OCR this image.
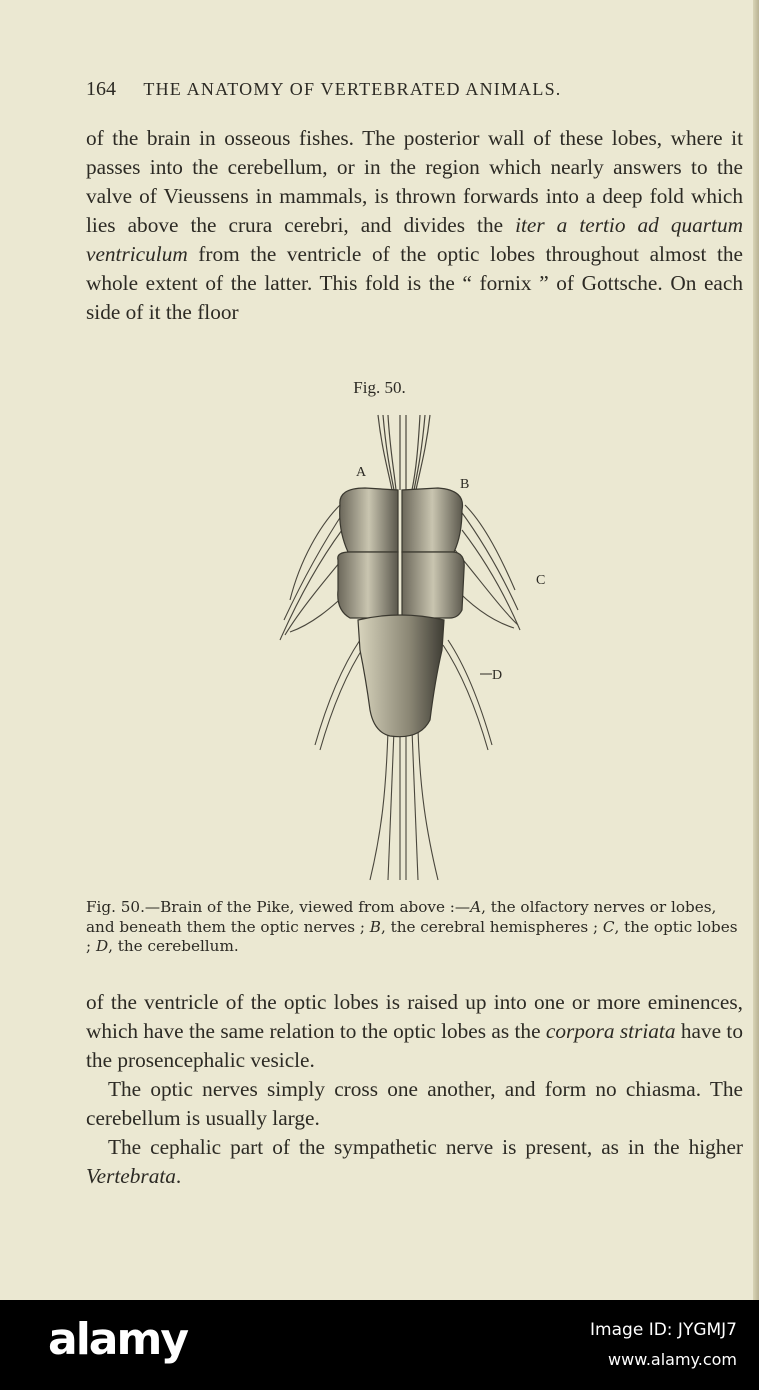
164 THE ANATOMY OF VERTEBRATED ANIMALS.

of the brain in osseous fishes. The posterior wall of these lobes, where it passes into the cerebellum, or in the region which nearly answers to the valve of Vieussens in mammals, is thrown forwards into a deep fold which lies above the crura cerebri, and divides the iter a tertio ad quartum ventriculum from the ventricle of the optic lobes throughout almost the whole extent of the latter. This fold is the “ fornix ” of Gottsche. On each side of it the floor

Fig. 50.
A
B
C
D
Fig. 50.—Brain of the Pike, viewed from above :—A, the olfactory nerves or lobes, and beneath them the optic nerves ; B, the cerebral hemispheres ; C, the optic lobes ; D, the cerebellum.

of the ventricle of the optic lobes is raised up into one or more eminences, which have the same relation to the optic lobes as the corpora striata have to the prosencephalic vesicle.

The optic nerves simply cross one another, and form no chiasma. The cerebellum is usually large.

The cephalic part of the sympathetic nerve is present, as in the higher Vertebrata.

alamy	Image ID: JYGMJ7
www.alamy.com
